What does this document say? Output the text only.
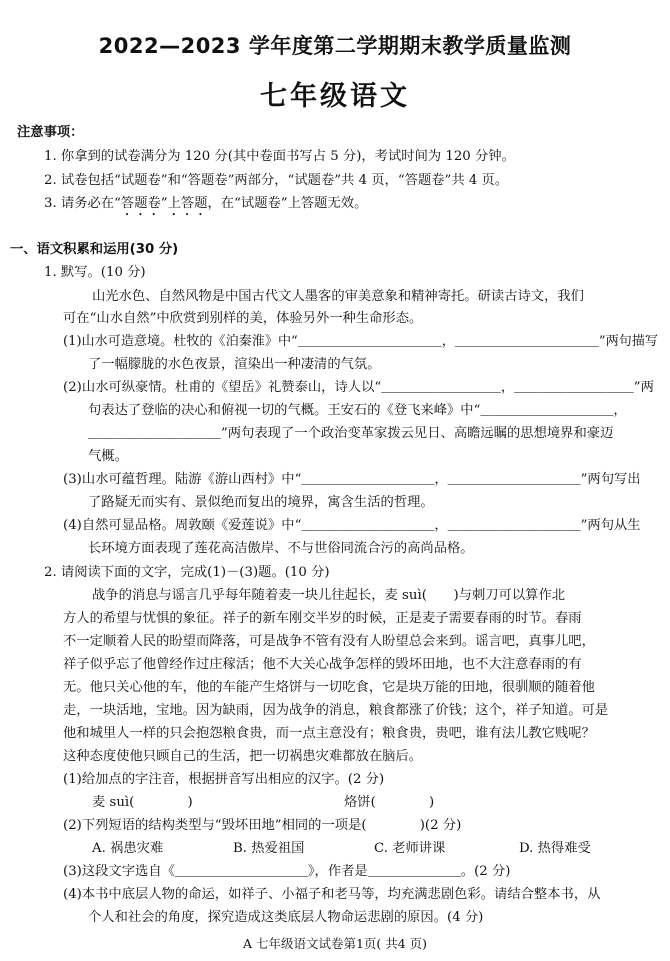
2022—2023 学年度第二学期期末教学质量监测
七年级语文
注意事项：
1. 你拿到的试卷满分为 120 分(其中卷面书写占 5 分)，考试时间为 120 分钟。
2. 试卷包括“试题卷”和“答题卷”两部分，“试题卷”共 4 页，“答题卷”共 4 页。
3. 请务必在“答题卷”上答题，在“试题卷”上答题无效。
一、语文积累和运用(30 分)
1. 默写。(10 分)
山光水色、自然风物是中国古代文人墨客的审美意象和精神寄托。研读古诗文，我们
可在“山水自然”中欣赏到别样的美，体验另外一种生命形态。
(1)山水可造意境。杜牧的《泊秦淮》中“＿＿＿＿＿＿＿＿＿＿＿，＿＿＿＿＿＿＿＿＿＿＿”两句描写
了一幅朦胧的水色夜景，渲染出一种凄清的气氛。
(2)山水可纵豪情。杜甫的《望岳》礼赞泰山，诗人以“＿＿＿＿＿＿＿＿＿，＿＿＿＿＿＿＿＿＿”两
句表达了登临的决心和俯视一切的气概。王安石的《登飞来峰》中“＿＿＿＿＿＿＿＿＿＿，
＿＿＿＿＿＿＿＿＿＿”两句表现了一个政治变革家拨云见日、高瞻远瞩的思想境界和豪迈
气概。
(3)山水可蕴哲理。陆游《游山西村》中“＿＿＿＿＿＿＿＿＿＿，＿＿＿＿＿＿＿＿＿＿”两句写出
了路疑无而实有、景似绝而复出的境界，寓含生活的哲理。
(4)自然可显品格。周敦颐《爱莲说》中“＿＿＿＿＿＿＿＿＿＿，＿＿＿＿＿＿＿＿＿＿”两句从生
长环境方面表现了莲花高洁傲岸、不与世俗同流合污的高尚品格。
2. 请阅读下面的文字，完成(1)－(3)题。(10 分)
战争的消息与谣言几乎每年随着麦一块儿往起长，麦 suì(　　)与刺刀可以算作北
方人的希望与忧惧的象征。祥子的新车刚交半岁的时候，正是麦子需要春雨的时节。春雨
不一定顺着人民的盼望而降落，可是战争不管有没有人盼望总会来到。谣言吧，真事儿吧，
祥子似乎忘了他曾经作过庄稼活；他不大关心战争怎样的毁坏田地，也不大注意春雨的有
无。他只关心他的车，他的车能产生烙饼与一切吃食，它是块万能的田地，很驯顺的随着他
走，一块活地，宝地。因为缺雨，因为战争的消息，粮食都涨了价钱；这个，祥子知道。可是
他和城里人一样的只会抱怨粮食贵，而一点主意没有；粮食贵，贵吧，谁有法儿教它贱呢？
这种态度使他只顾自己的生活，把一切祸患灾难都放在脑后。
(1)给加点的字注音，根据拼音写出相应的汉字。(2 分)
麦 suì(　　　　)	烙饼(　　　　)
(2)下列短语的结构类型与“毁坏田地”相同的一项是(　　　　)(2 分)
A. 祸患灾难	B. 热爱祖国	C. 老师讲课	D. 热得难受
(3)这段文字选自《＿＿＿＿＿＿＿＿＿＿》，作者是＿＿＿＿＿＿＿。(2 分)
(4)本书中底层人物的命运，如祥子、小福子和老马等，均充满悲剧色彩。请结合整本书，从
个人和社会的角度，探究造成这类底层人物命运悲剧的原因。(4 分)
A 七年级语文试卷第1页( 共4 页)
